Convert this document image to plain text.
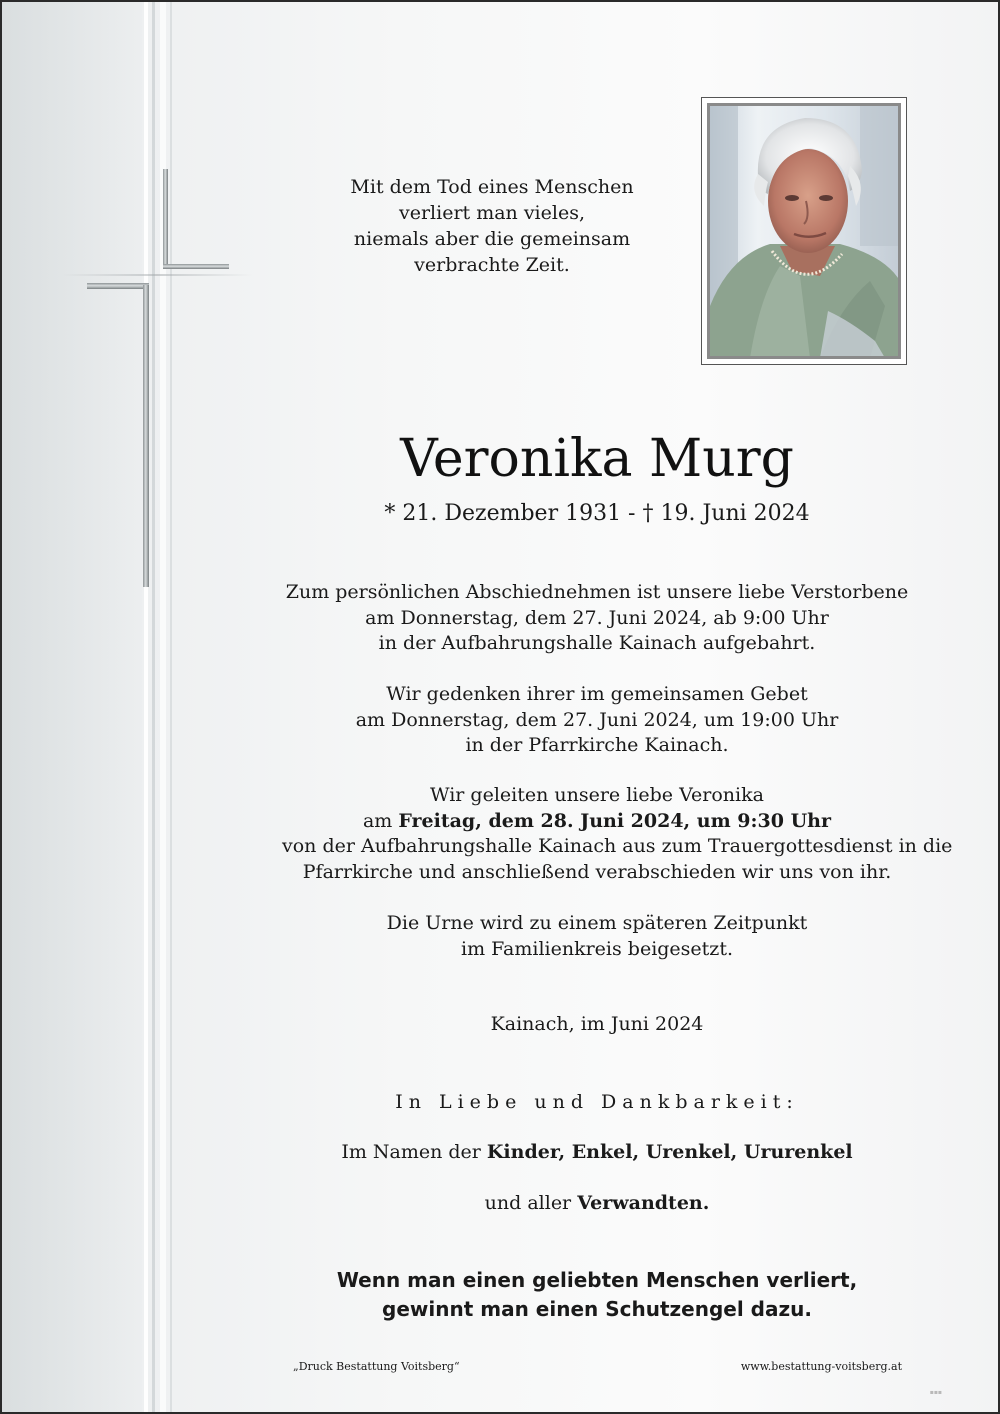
Mit dem Tod eines Menschen
verliert man vieles,
niemals aber die gemeinsam
verbrachte Zeit.
Veronika Murg
* 21. Dezember 1931 - † 19. Juni 2024
Zum persönlichen Abschiednehmen ist unsere liebe Verstorbene
am Donnerstag, dem 27. Juni 2024, ab 9:00 Uhr
in der Aufbahrungshalle Kainach aufgebahrt.
Wir gedenken ihrer im gemeinsamen Gebet
am Donnerstag, dem 27. Juni 2024, um 19:00 Uhr
in der Pfarrkirche Kainach.
Wir geleiten unsere liebe Veronika
am Freitag, dem 28. Juni 2024, um 9:30 Uhr
von der Aufbahrungshalle Kainach aus zum Trauergottesdienst in die
Pfarrkirche und anschließend verabschieden wir uns von ihr.
Die Urne wird zu einem späteren Zeitpunkt
im Familienkreis beigesetzt.
Kainach, im Juni 2024
In Liebe und Dankbarkeit:
Im Namen der Kinder, Enkel, Urenkel, Ururenkel
und aller Verwandten.
Wenn man einen geliebten Menschen verliert,
gewinnt man einen Schutzengel dazu.
„Druck Bestattung Voitsberg“	www.bestattung-voitsberg.at
▪▪▪
